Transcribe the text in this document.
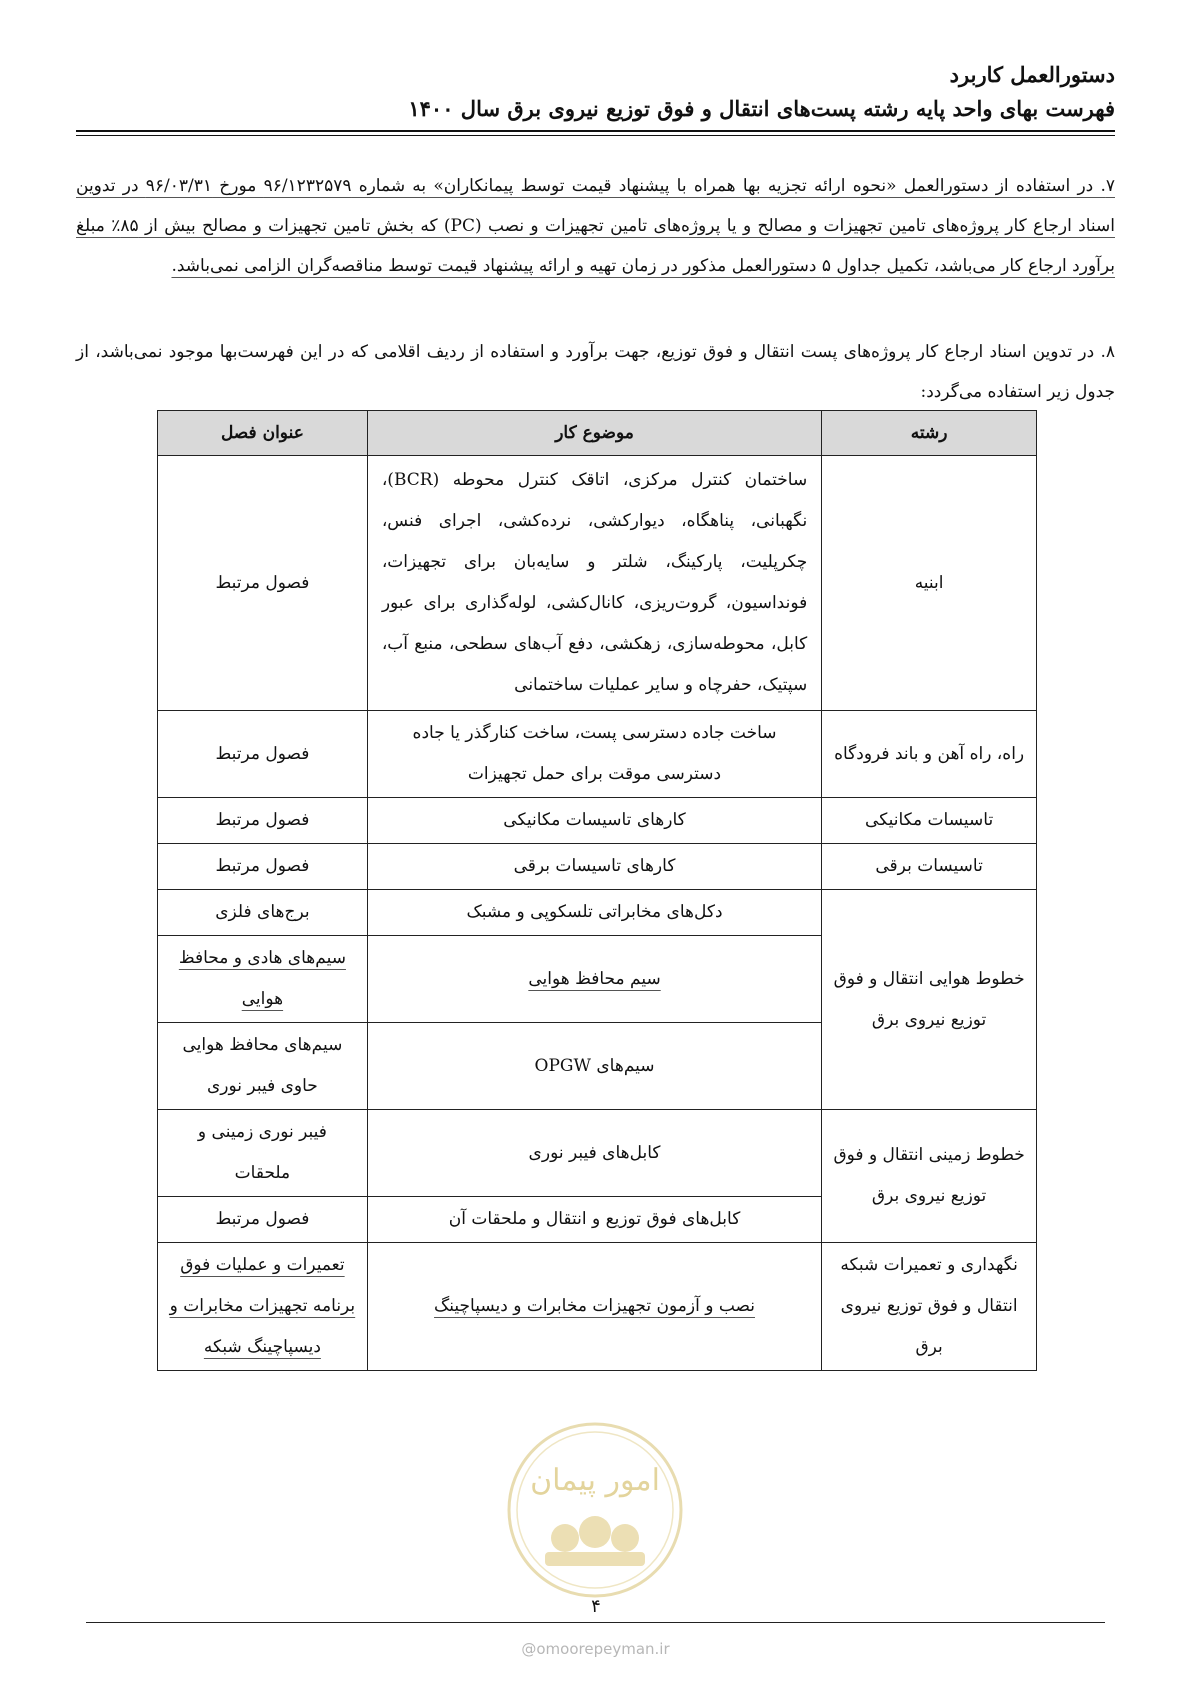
دستورالعمل کاربرد
فهرست بهای واحد پایه رشته پست‌های انتقال و فوق توزیع نیروی برق سال ۱۴۰۰
۷. در استفاده از دستورالعمل «نحوه ارائه تجزیه بها همراه با پیشنهاد قیمت توسط پیمانکاران» به شماره ۹۶/۱۲۳۲۵۷۹ مورخ ۹۶/۰۳/۳۱ در تدوین اسناد ارجاع کار پروژه‌های تامین تجهیزات و مصالح و یا پروژه‌های تامین تجهیزات و نصب (PC) که بخش تامین تجهیزات و مصالح بیش از ۸۵٪ مبلغ برآورد ارجاع کار می‌باشد، تکمیل جداول ۵ دستورالعمل مذکور در زمان تهیه و ارائه پیشنهاد قیمت توسط مناقصه‌گران الزامی نمی‌باشد.
۸. در تدوین اسناد ارجاع کار پروژه‌های پست انتقال و فوق توزیع، جهت برآورد و استفاده از ردیف اقلامی که در این فهرست‌بها موجود نمی‌باشد، از جدول زیر استفاده می‌گردد:
رشته	موضوع کار	عنوان فصل
ابنیه	ساختمان کنترل مرکزی، اتاقک کنترل محوطه (BCR)، نگهبانی، پناهگاه، دیوارکشی، نرده‌کشی، اجرای فنس، چکرپلیت، پارکینگ، شلتر و سایه‌بان برای تجهیزات، فونداسیون، گروت‌ریزی، کانال‌کشی، لوله‌گذاری برای عبور کابل، محوطه‌سازی، زهکشی، دفع آب‌های سطحی، منبع آب، سپتیک، حفرچاه و سایر عملیات ساختمانی	فصول مرتبط
راه، راه آهن و باند فرودگاه	ساخت جاده دسترسی پست، ساخت کنارگذر یا جاده دسترسی موقت برای حمل تجهیزات	فصول مرتبط
تاسیسات مکانیکی	کارهای تاسیسات مکانیکی	فصول مرتبط
تاسیسات برقی	کارهای تاسیسات برقی	فصول مرتبط
خطوط هوایی انتقال و فوق توزیع نیروی برق	دکل‌های مخابراتی تلسکوپی و مشبک	برج‌های فلزی
	سیم محافظ هوایی	سیم‌های هادی و محافظ هوایی
	سیم‌های OPGW	سیم‌های محافظ هوایی حاوی فیبر نوری
خطوط زمینی انتقال و فوق توزیع نیروی برق	کابل‌های فیبر نوری	فیبر نوری زمینی و ملحقات
	کابل‌های فوق توزیع و انتقال و ملحقات آن	فصول مرتبط
نگهداری و تعمیرات شبکه انتقال و فوق توزیع نیروی برق	نصب و آزمون تجهیزات مخابرات و دیسپاچینگ	تعمیرات و عملیات فوق برنامه تجهیزات مخابرات و دیسپاچینگ شبکه
امور پیمان
۴
@omoorepeyman.ir
